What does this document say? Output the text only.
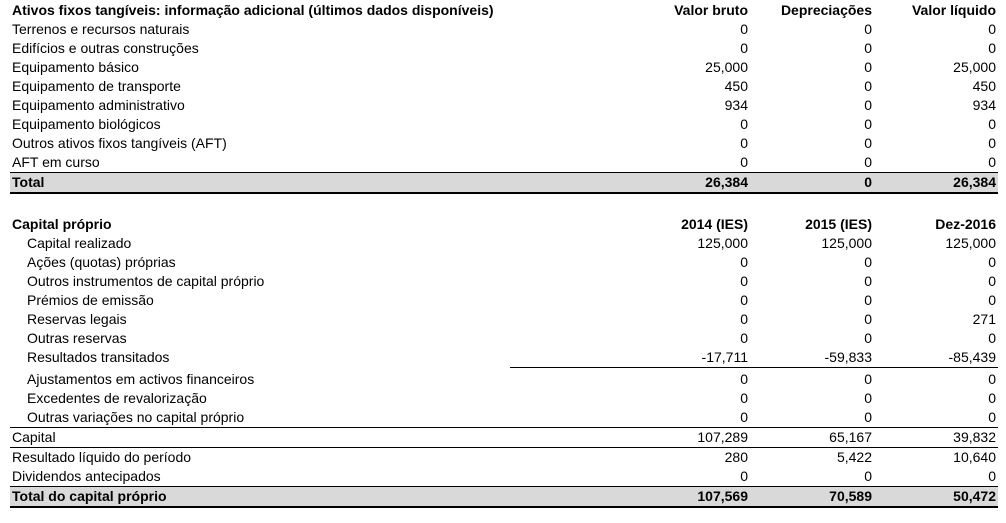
Ativos fixos tangíveis: informação adicional (últimos dados disponíveis)	Valor bruto	Depreciações	Valor líquido
Terrenos e recursos naturais	0	0	0
Edifícios e outras construções	0	0	0
Equipamento básico	25,000	0	25,000
Equipamento de transporte	450	0	450
Equipamento administrativo	934	0	934
Equipamento biológicos	0	0	0
Outros ativos fixos tangíveis (AFT)	0	0	0
AFT em curso	0	0	0
Total	26,384	0	26,384
Capital próprio	2014 (IES)	2015 (IES)	Dez-2016
Capital realizado	125,000	125,000	125,000
Ações (quotas) próprias	0	0	0
Outros instrumentos de capital próprio	0	0	0
Prémios de emissão	0	0	0
Reservas legais	0	0	271
Outras reservas	0	0	0
Resultados transitados	-17,711	-59,833	-85,439
Ajustamentos em activos financeiros	0	0	0
Excedentes de revalorização	0	0	0
Outras variações no capital próprio	0	0	0
Capital	107,289	65,167	39,832
Resultado líquido do período	280	5,422	10,640
Dividendos antecipados	0	0	0
Total do capital próprio	107,569	70,589	50,472
